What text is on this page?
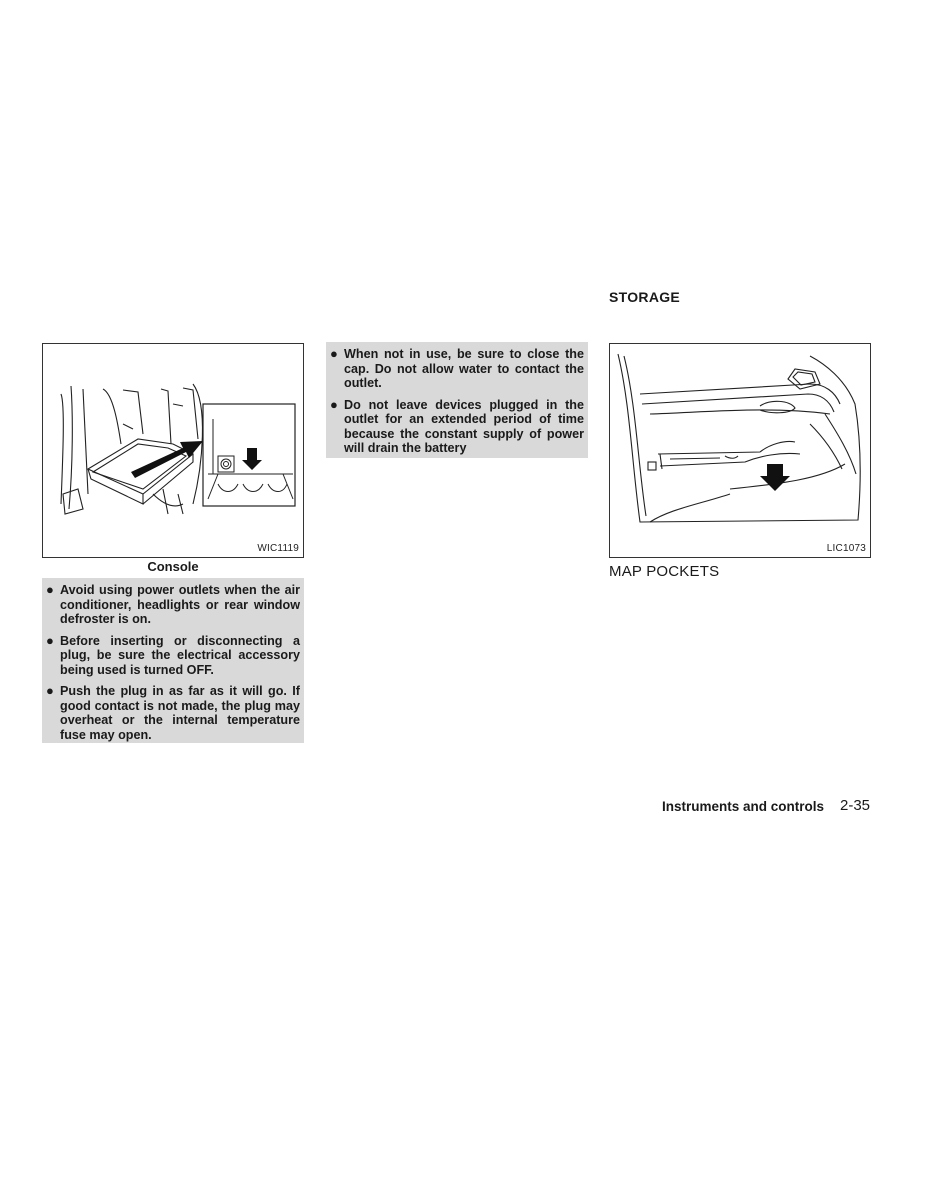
WIC1119
Console
● Avoid using power outlets when the air conditioner, headlights or rear window defroster is on.
● Before inserting or disconnecting a plug, be sure the electrical accessory being used is turned OFF.
● Push the plug in as far as it will go. If good contact is not made, the plug may overheat or the internal temperature fuse may open.
● When not in use, be sure to close the cap. Do not allow water to contact the outlet.
● Do not leave devices plugged in the outlet for an extended period of time because the constant supply of power will drain the battery
STORAGE
LIC1073
MAP POCKETS
Instruments and controls 2-35
